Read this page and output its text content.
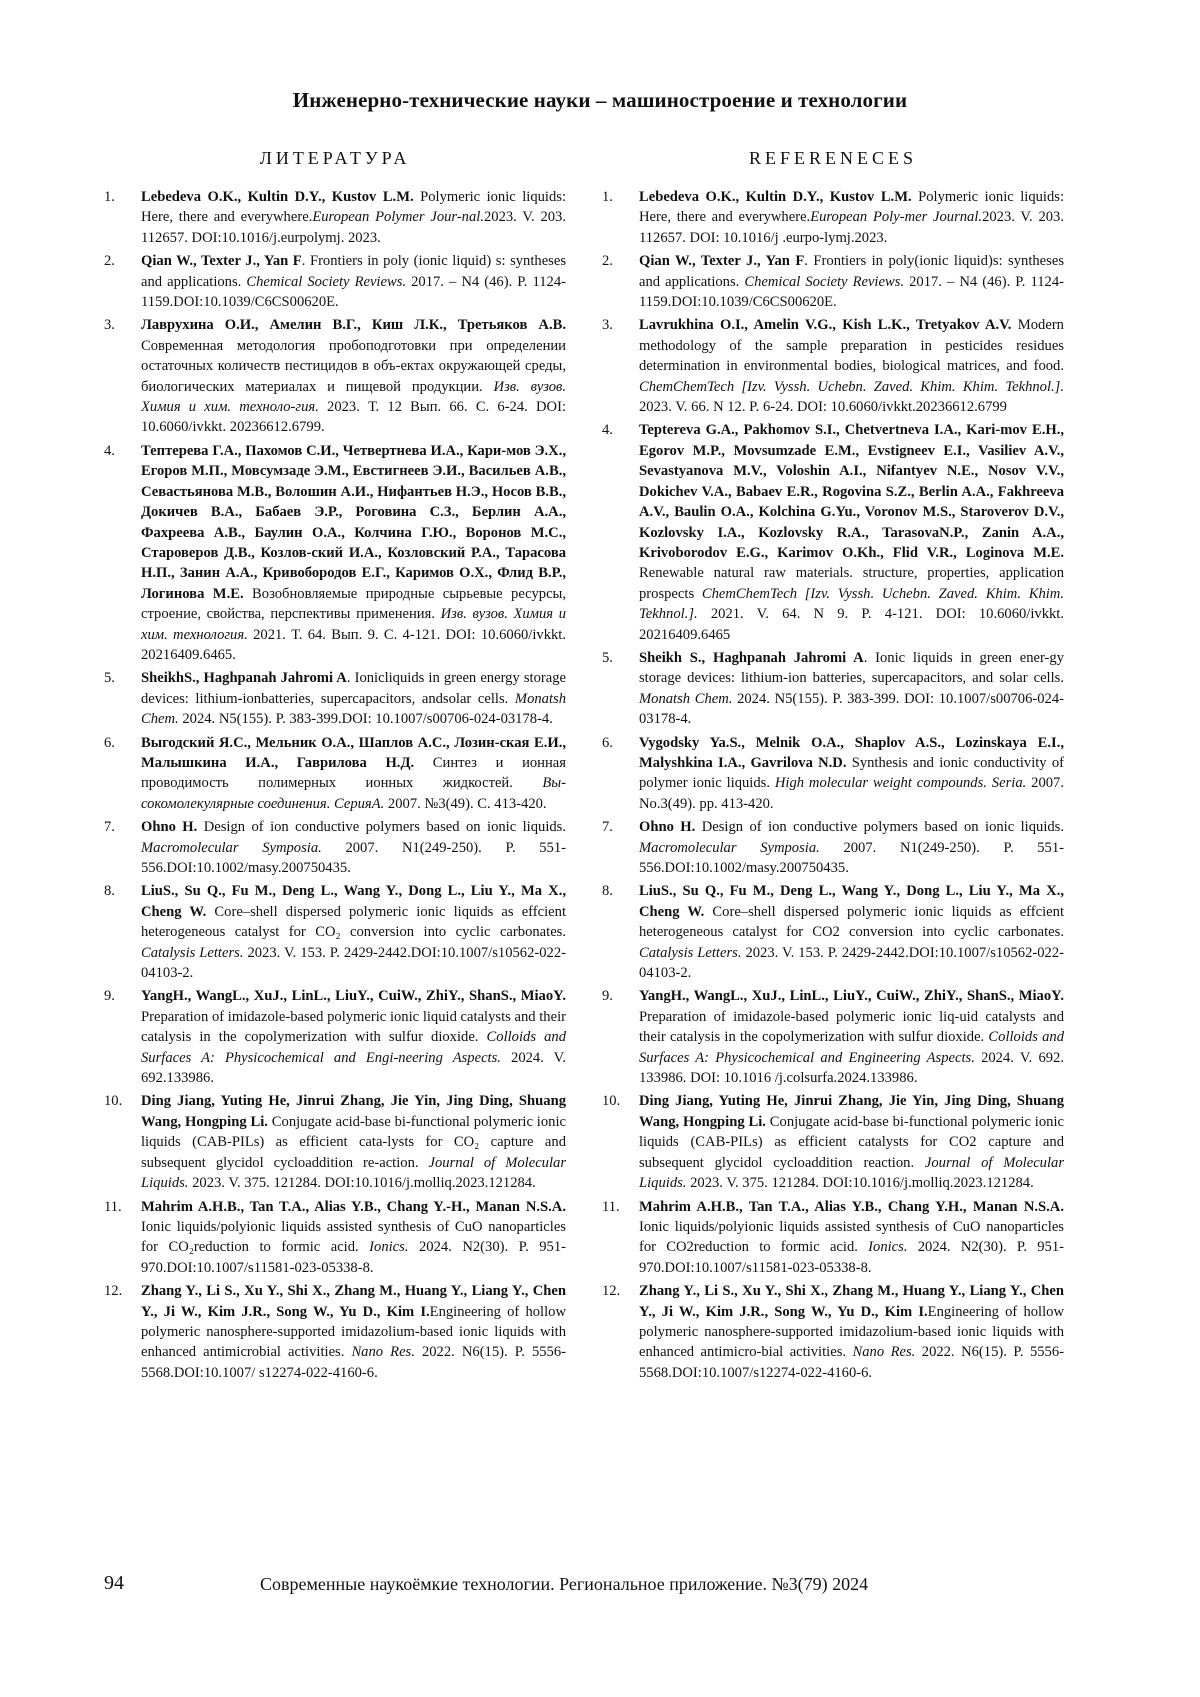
Инженерно-технические науки – машиностроение и технологии
ЛИТЕРАТУРА
1. Lebedeva O.K., Kultin D.Y., Kustov L.M. Polymeric ionic liquids: Here, there and everywhere.European Polymer Jour-nal.2023. V. 203. 112657. DOI:10.1016/j.eurpolymj. 2023.
2. Qian W., Texter J., Yan F. Frontiers in poly (ionic liquid) s: syntheses and applications. Chemical Society Reviews. 2017. – N4 (46). P. 1124-1159.DOI:10.1039/C6CS00620E.
3. Лаврухина О.И., Амелин В.Г., Киш Л.К., Третьяков А.В. Современная методология пробоподготовки при определении остаточных количеств пестицидов в объ-ектах окружающей среды, биологических материалах и пищевой продукции. Изв. вузов. Химия и хим. техноло-гия. 2023. Т. 12 Вып. 66. С. 6-24. DOI: 10.6060/ivkkt. 20236612.6799.
4. Тептерева Г.А., Пахомов С.И., Четвертнева И.А., Кари-мов Э.Х., Егоров М.П., Мовсумзаде Э.М., Евстигнеев Э.И., Васильев А.В., Севастьянова М.В., Волошин А.И., Нифантьев Н.Э., Носов В.В., Докичев В.А., Бабаев Э.Р., Роговина С.З., Берлин А.А., Фахреева А.В., Баулин О.А., Колчина Г.Ю., Воронов М.С., Староверов Д.В., Козлов-ский И.А., Козловский Р.А., Тарасова Н.П., Занин А.А., Кривобородов Е.Г., Каримов О.Х., Флид В.Р., Логинова М.Е. Возобновляемые природные сырьевые ресурсы, строение, свойства, перспективы применения. Изв. вузов. Химия и хим. технология. 2021. Т. 64. Вып. 9. С. 4-121. DOI: 10.6060/ivkkt. 20216409.6465.
5. SheikhS., Haghpanah Jahromi A. Ionicliquids in green energy storage devices: lithium‑ionbatteries, supercapacitors, andsolar cells. Monatsh Chem. 2024. N5(155). P. 383-399.DOI: 10.1007/s00706-024-03178-4.
6. Выгодский Я.С., Мельник О.А., Шаплов А.С., Лозин-ская Е.И., Малышкина И.А., Гаврилова Н.Д. Синтез и ионная проводимость полимерных ионных жидкостей. Вы-сокомолекулярные соединения. СерияА. 2007. №3(49). С. 413-420.
7. Ohno H. Design of ion conductive polymers based on ionic liquids. Macromolecular Symposia. 2007. N1(249-250). P. 551-556.DOI:10.1002/masy.200750435.
8. LiuS., Su Q., Fu M., Deng L., Wang Y., Dong L., Liu Y., Ma X., Cheng W. Core–shell dispersed polymeric ionic liquids as effcient heterogeneous catalyst for CO₂ conversion into cyclic carbonates. Catalysis Letters. 2023. V. 153. P. 2429-2442.DOI:10.1007/s10562-022-04103-2.
9. YangH., WangL., XuJ., LinL., LiuY., CuiW., ZhiY., ShanS., MiaoY. Preparation of imidazole-based polymeric ionic liquid catalysts and their catalysis in the copolymerization with sulfur dioxide. Colloids and Surfaces A: Physicochemical and Engi-neering Aspects. 2024. V. 692.133986.
10. Ding Jiang, Yuting He, Jinrui Zhang, Jie Yin, Jing Ding, Shuang Wang, Hongping Li. Conjugate acid-base bi-functional polymeric ionic liquids (CAB-PILs) as efficient cata-lysts for CO₂ capture and subsequent glycidol cycloaddition re-action. Journal of Molecular Liquids. 2023. V. 375. 121284. DOI:10.1016/j.molliq.2023.121284.
11. Mahrim A.H.B., Tan T.A., Alias Y.B., Chang Y.‑H., Manan N.S.A. Ionic liquids/polyionic liquids assisted synthesis of CuO nanoparticles for CO₂reduction to formic acid. Ionics. 2024. N2(30). P. 951-970.DOI:10.1007/s11581-023-05338-8.
12. Zhang Y., Li S., Xu Y., Shi X., Zhang M., Huang Y., Liang Y., Chen Y., Ji W., Kim J.R., Song W., Yu D., Kim I.Engineering of hollow polymeric nanosphere-supported imidazolium-based ionic liquids with enhanced antimicrobial activities. Nano Res. 2022. N6(15). P. 5556-5568.DOI:10.1007/ s12274-022-4160-6.
REFERENECES
1. Lebedeva O.K., Kultin D.Y., Kustov L.M. Polymeric ionic liquids: Here, there and everywhere.European Poly-mer Journal.2023. V. 203. 112657. DOI: 10.1016/j .eurpo-lymj.2023.
2. Qian W., Texter J., Yan F. Frontiers in poly(ionic liquid)s: syntheses and applications. Chemical Society Reviews. 2017. – N4 (46). P. 1124-1159.DOI:10.1039/C6CS00620E.
3. Lavrukhina O.I., Amelin V.G., Kish L.K., Tretyakov A.V. Modern methodology of the sample preparation in pesticides residues determination in environmental bodies, biological matrices, and food. ChemChemTech [Izv. Vyssh. Uchebn. Zaved. Khim. Khim. Tekhnol.]. 2023. V. 66. N 12. P. 6-24. DOI: 10.6060/ivkkt.20236612.6799
4. Teptereva G.A., Pakhomov S.I., Chetvertneva I.A., Kari-mov E.H., Egorov M.P., Movsumzade E.M., Evstigneev E.I., Vasiliev A.V., Sevastyanova M.V., Voloshin A.I., Nifantyev N.E., Nosov V.V., Dokichev V.A., Babaev E.R., Rogovina S.Z., Berlin A.A., Fakhreeva A.V., Baulin O.A., Kolchina G.Yu., Voronov M.S., Staroverov D.V., Kozlovsky I.A., Kozlovsky R.A., TarasovaN.P., Zanin A.A., Krivoborodov E.G., Karimov O.Kh., Flid V.R., Loginova M.E. Renewable natural raw materials. structure, properties, application prospects ChemChemTech [Izv. Vyssh. Uchebn. Zaved. Khim. Khim. Tekhnol.]. 2021. V. 64. N 9. P. 4-121. DOI: 10.6060/ivkkt. 20216409.6465
5. Sheikh S., Haghpanah Jahromi A. Ionic liquids in green ener-gy storage devices: lithium‑ion batteries, supercapacitors, and solar cells. Monatsh Chem. 2024. N5(155). P. 383-399. DOI: 10.1007/s00706-024-03178-4.
6. Vygodsky Ya.S., Melnik O.A., Shaplov A.S., Lozinskaya E.I., Malyshkina I.A., Gavrilova N.D. Synthesis and ionic conductivity of polymer ionic liquids. High molecular weight compounds. Seria. 2007. No.3(49). pp. 413-420.
7. Ohno H. Design of ion conductive polymers based on ionic liquids. Macromolecular Symposia. 2007. N1(249-250). P. 551-556.DOI:10.1002/masy.200750435.
8. LiuS., Su Q., Fu M., Deng L., Wang Y., Dong L., Liu Y., Ma X., Cheng W. Core–shell dispersed polymeric ionic liquids as effcient heterogeneous catalyst for CO2 conversion into cyclic carbonates. Catalysis Letters. 2023. V. 153. P. 2429-2442.DOI:10.1007/s10562-022-04103-2.
9. YangH., WangL., XuJ., LinL., LiuY., CuiW., ZhiY., ShanS., MiaoY. Preparation of imidazole-based polymeric ionic liq-uid catalysts and their catalysis in the copolymerization with sulfur dioxide. Colloids and Surfaces A: Physicochemical and Engineering Aspects. 2024. V. 692. 133986. DOI: 10.1016 /j.colsurfa.2024.133986.
10. Ding Jiang, Yuting He, Jinrui Zhang, Jie Yin, Jing Ding, Shuang Wang, Hongping Li. Conjugate acid-base bi-functional polymeric ionic liquids (CAB-PILs) as efficient catalysts for CO2 capture and subsequent glycidol cycloaddition reaction. Journal of Molecular Liquids. 2023. V. 375. 121284. DOI:10.1016/j.molliq.2023.121284.
11. Mahrim A.H.B., Tan T.A., Alias Y.B., Chang Y.H., Manan N.S.A. Ionic liquids/polyionic liquids assisted synthesis of CuO nanoparticles for CO2reduction to formic acid. Ionics. 2024. N2(30). P. 951-970.DOI:10.1007/s11581-023-05338-8.
12. Zhang Y., Li S., Xu Y., Shi X., Zhang M., Huang Y., Liang Y., Chen Y., Ji W., Kim J.R., Song W., Yu D., Kim I.Engineering of hollow polymeric nanosphere-supported imidazolium-based ionic liquids with enhanced antimicro-bial activities. Nano Res. 2022. N6(15). P. 5556-5568.DOI:10.1007/s12274-022-4160-6.
94	Современные наукоёмкие технологии. Региональное приложение. №3(79) 2024
